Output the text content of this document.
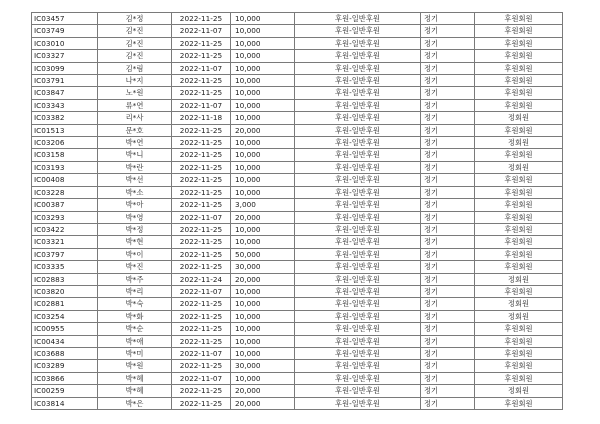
IC03457	김*정	2022-11-25	10,000	후원-일반후원	정기	후원회원
IC03749	김*진	2022-11-07	10,000	후원-일반후원	정기	후원회원
IC03010	김*진	2022-11-25	10,000	후원-일반후원	정기	후원회원
IC03327	김*진	2022-11-25	10,000	후원-일반후원	정기	후원회원
IC03099	김*림	2022-11-07	10,000	후원-일반후원	정기	후원회원
IC03791	나*지	2022-11-25	10,000	후원-일반후원	정기	후원회원
IC03847	노*원	2022-11-25	10,000	후원-일반후원	정기	후원회원
IC03343	류*연	2022-11-07	10,000	후원-일반후원	정기	후원회원
IC03382	리*사	2022-11-18	10,000	후원-일반후원	정기	정회원
IC01513	문*호	2022-11-25	20,000	후원-일반후원	정기	후원회원
IC03206	박*연	2022-11-25	10,000	후원-일반후원	정기	정회원
IC03158	박*니	2022-11-25	10,000	후원-일반후원	정기	후원회원
IC03193	박*란	2022-11-25	10,000	후원-일반후원	정기	정회원
IC00408	박*선	2022-11-25	10,000	후원-일반후원	정기	후원회원
IC03228	박*소	2022-11-25	10,000	후원-일반후원	정기	후원회원
IC00387	박*아	2022-11-25	3,000	후원-일반후원	정기	후원회원
IC03293	박*영	2022-11-07	20,000	후원-일반후원	정기	후원회원
IC03422	박*정	2022-11-25	10,000	후원-일반후원	정기	후원회원
IC03321	박*현	2022-11-25	10,000	후원-일반후원	정기	후원회원
IC03797	박*이	2022-11-25	50,000	후원-일반후원	정기	후원회원
IC03335	박*진	2022-11-25	30,000	후원-일반후원	정기	후원회원
IC02883	박*주	2022-11-24	20,000	후원-일반후원	정기	정회원
IC03820	박*리	2022-11-07	10,000	후원-일반후원	정기	후원회원
IC02881	박*숙	2022-11-25	10,000	후원-일반후원	정기	정회원
IC03254	박*화	2022-11-25	10,000	후원-일반후원	정기	정회원
IC00955	박*순	2022-11-25	10,000	후원-일반후원	정기	후원회원
IC00434	박*애	2022-11-25	10,000	후원-일반후원	정기	후원회원
IC03688	박*미	2022-11-07	10,000	후원-일반후원	정기	후원회원
IC03289	박*원	2022-11-25	30,000	후원-일반후원	정기	후원회원
IC03866	박*혜	2022-11-07	10,000	후원-일반후원	정기	후원회원
IC00259	박*혜	2022-11-25	20,000	후원-일반후원	정기	정회원
IC03814	박*은	2022-11-25	20,000	후원-일반후원	정기	후원회원
